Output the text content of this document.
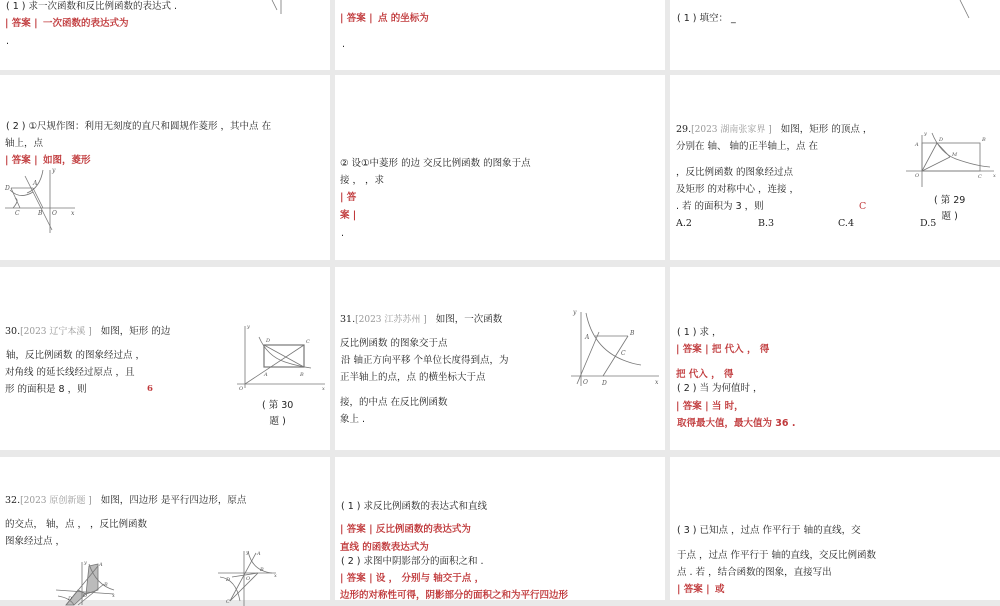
( 1 ) 求一次函数和反比例函数的表达式 .
| 答案 | 一次函数的表达式为
.
| 答案 | 点 的坐标为
.
( 1 ) 填空： _
( 2 ) ①尺规作图：利用无刻度的直尺和圆规作菱形 ，其中点 在
轴上，点
| 答案 | 如图，菱形
D
A
y
C	B O x
② 设①中菱形 的边 交反比例函数 的图象于点
接 ， ，求
| 答
案 |
.
29.[2023 湖南张家界 ] 如图，矩形 的顶点 ，
分别在 轴、 轴的正半轴上，点 在
，反比例函数 的图象经过点
及矩形 的对称中心 ，连接 ，
. 若 的面积为 3 ，则	C
A.2	B.3	C.4	D.5
y
A
D	B
M
O	C x
( 第 29
题 )
30.[2023 辽宁本溪 ] 如图，矩形 的边
轴，反比例函数 的图象经过点 ，
对角线 的延长线经过原点 ，且
形 的面积是 8 ，则	6
y
D	C
A	B
O	x
( 第 30
题 )
31.[2023 江苏苏州 ] 如图，一次函数
反比例函数 的图象交于点
沿 轴正方向平移 个单位长度得到点，为
正半轴上的点，点 的横坐标大于点
接，的中点 在反比例函数
象上 .
y
A
B
C
O D	x
( 1 ) 求 ，
| 答案 | 把 代入 ， 得
把 代入 ， 得
( 2 ) 当 为何值时 ，
| 答案 | 当 时，
取得最大值，最大值为 36 .
32.[2023 原创新题 ] 如图，四边形 是平行四边形，原点
的交点， 轴，点 ， ，反比例函数
图象经过点 ，
y A
B
O
D	x
y A
B
O
D
x
C
( 1 ) 求反比例函数的表达式和直线
| 答案 | 反比例函数的表达式为
直线 的函数表达式为
( 2 ) 求图中阴影部分的面积之和 .
| 答案 | 设 ， 分别与 轴交于点 ，
边形的对称性可得，阴影部分的面积之和为平行四边形
( 3 ) 已知点 ，过点 作平行于 轴的直线，交
于点 ，过点 作平行于 轴的直线，交反比例函数
点 . 若 ，结合函数的图象，直接写出
| 答案 | 或
